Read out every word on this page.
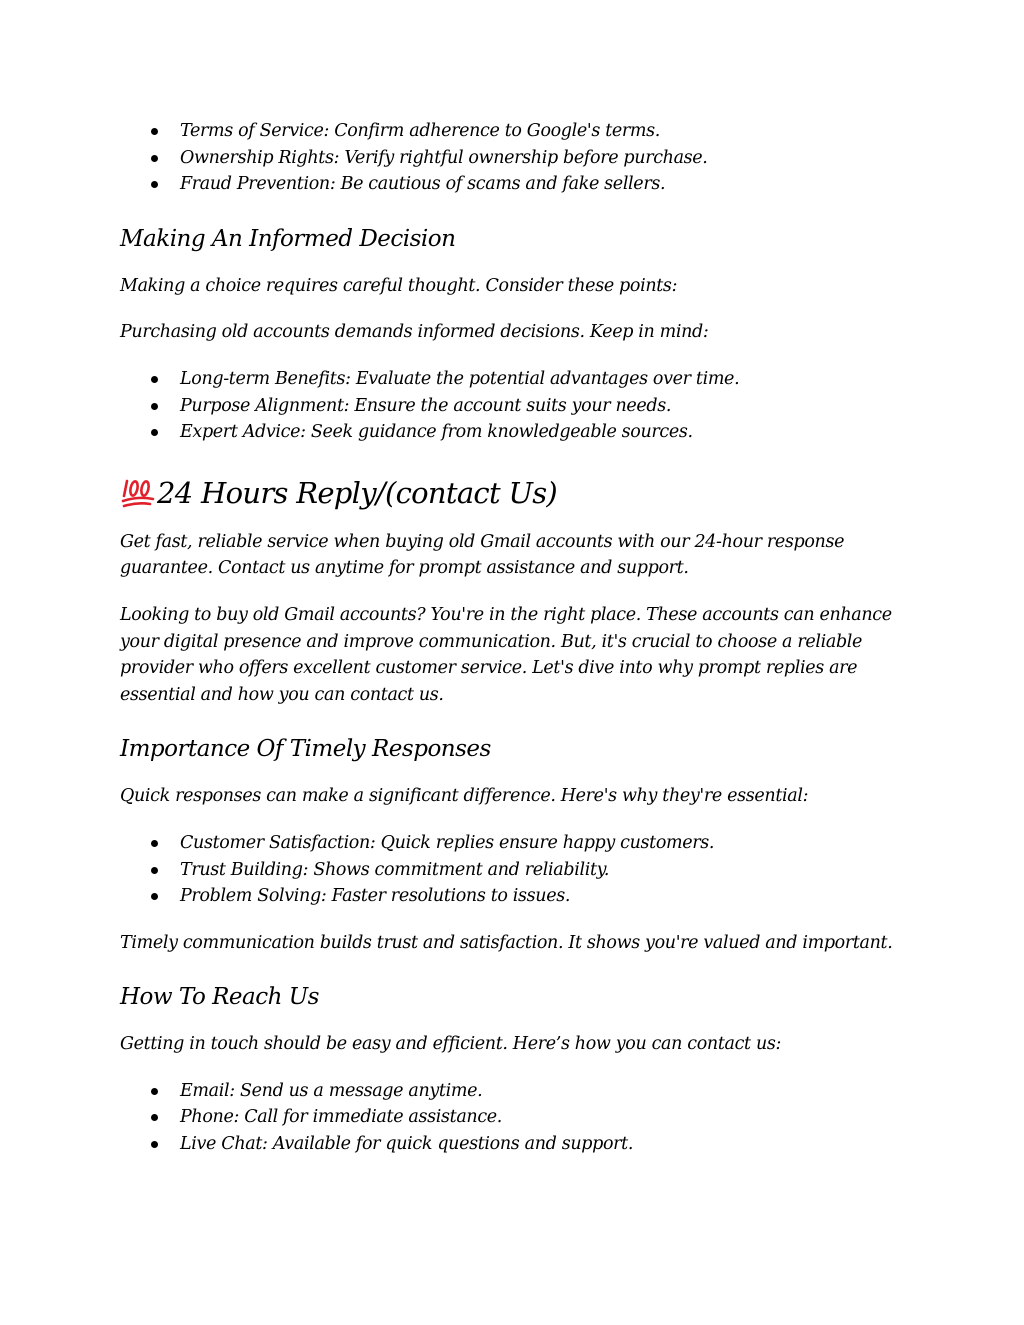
Terms of Service: Confirm adherence to Google's terms.
Ownership Rights: Verify rightful ownership before purchase.
Fraud Prevention: Be cautious of scams and fake sellers.
Making An Informed Decision

Making a choice requires careful thought. Consider these points:

Purchasing old accounts demands informed decisions. Keep in mind:

Long-term Benefits: Evaluate the potential advantages over time.
Purpose Alignment: Ensure the account suits your needs.
Expert Advice: Seek guidance from knowledgeable sources.
24 Hours Reply/(contact Us)

Get fast, reliable service when buying old Gmail accounts with our 24-hour response guarantee. Contact us anytime for prompt assistance and support.

Looking to buy old Gmail accounts? You're in the right place. These accounts can enhance your digital presence and improve communication. But, it's crucial to choose a reliable provider who offers excellent customer service. Let's dive into why prompt replies are essential and how you can contact us.

Importance Of Timely Responses

Quick responses can make a significant difference. Here's why they're essential:

Customer Satisfaction: Quick replies ensure happy customers.
Trust Building: Shows commitment and reliability.
Problem Solving: Faster resolutions to issues.

Timely communication builds trust and satisfaction. It shows you're valued and important.

How To Reach Us

Getting in touch should be easy and efficient. Here’s how you can contact us:

Email: Send us a message anytime.
Phone: Call for immediate assistance.
Live Chat: Available for quick questions and support.
